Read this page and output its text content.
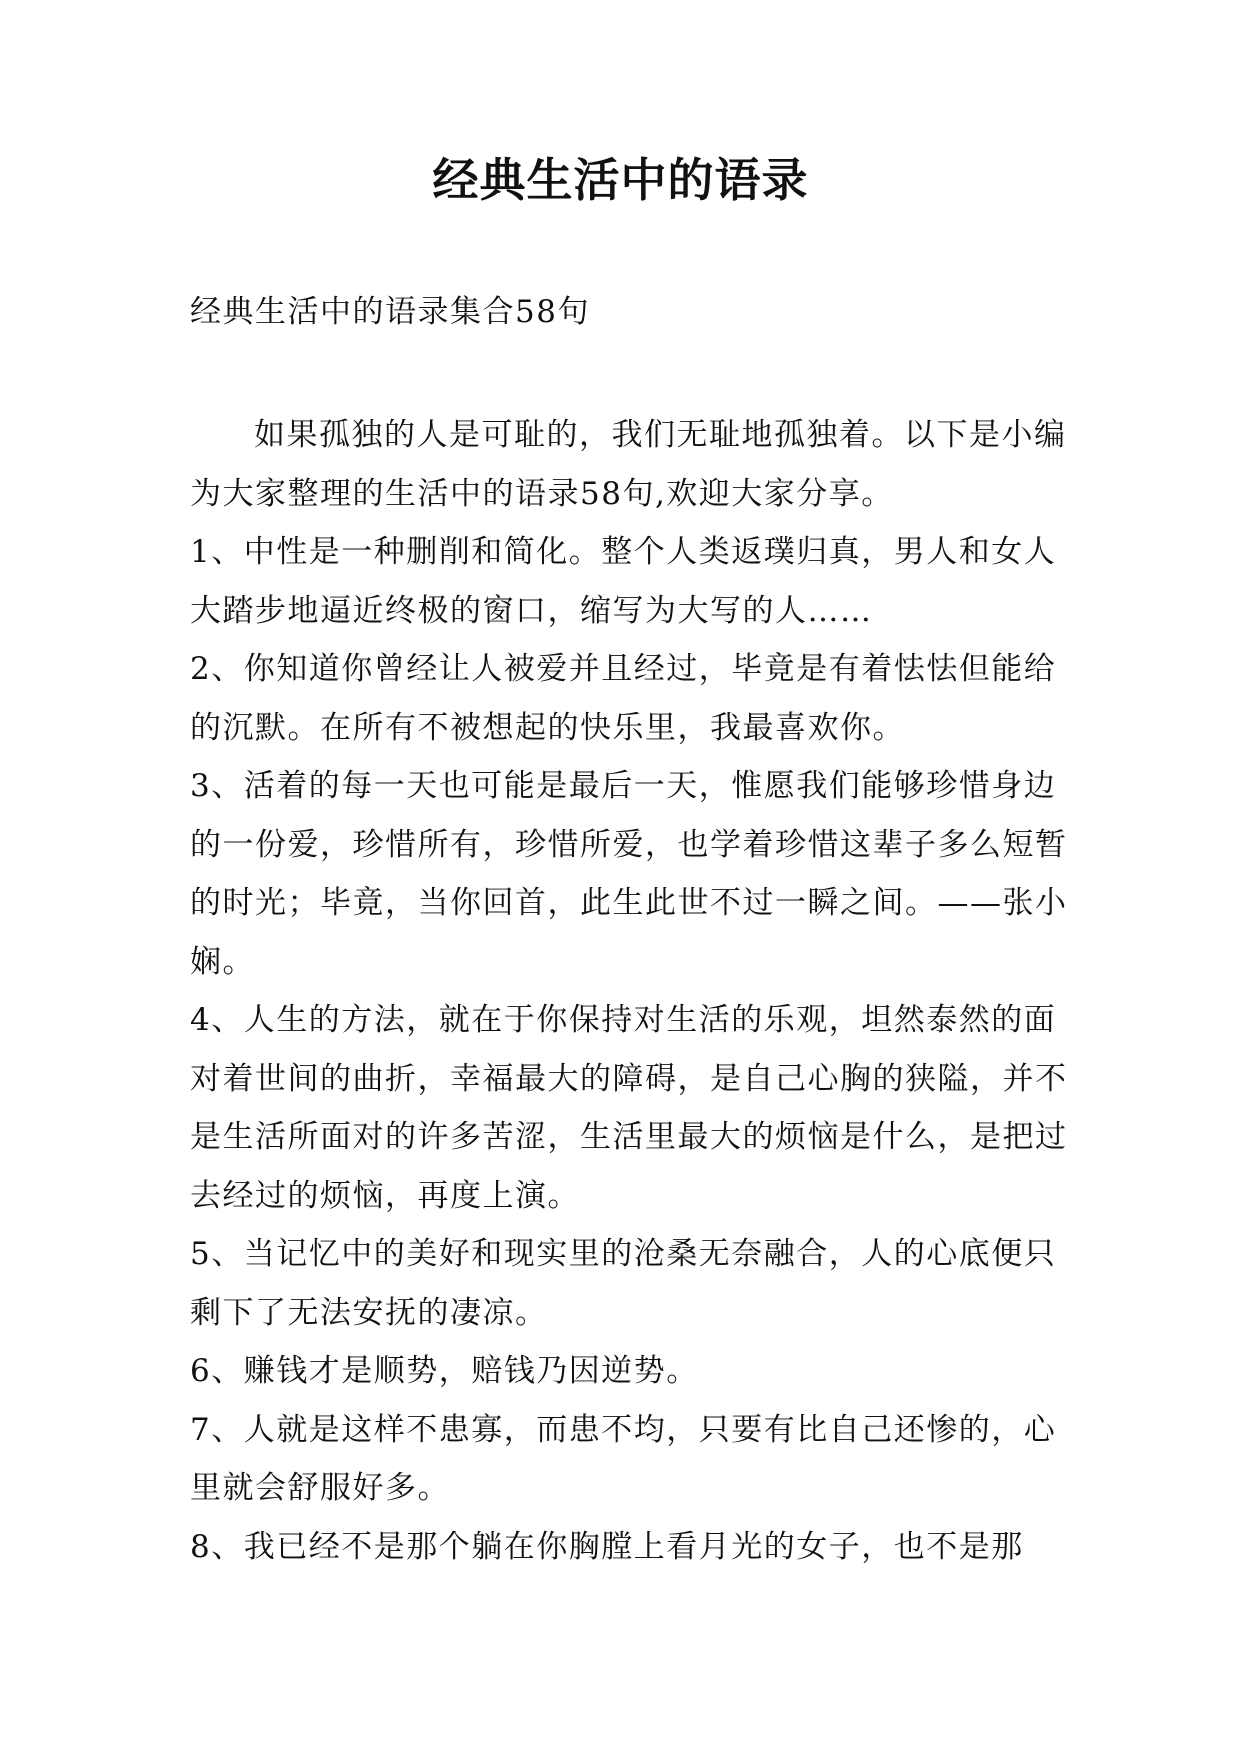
经典生活中的语录
经典生活中的语录集合58句

如果孤独的人是可耻的，我们无耻地孤独着。以下是小编为大家整理的生活中的语录58句,欢迎大家分享。

1、中性是一种删削和简化。整个人类返璞归真，男人和女人大踏步地逼近终极的窗口，缩写为大写的人……

2、你知道你曾经让人被爱并且经过，毕竟是有着怯怯但能给的沉默。在所有不被想起的快乐里，我最喜欢你。

3、活着的每一天也可能是最后一天，惟愿我们能够珍惜身边的一份爱，珍惜所有，珍惜所爱，也学着珍惜这辈子多么短暂的时光；毕竟，当你回首，此生此世不过一瞬之间。——张小娴。

4、人生的方法，就在于你保持对生活的乐观，坦然泰然的面对着世间的曲折，幸福最大的障碍，是自己心胸的狭隘，并不是生活所面对的许多苦涩，生活里最大的烦恼是什么，是把过去经过的烦恼，再度上演。

5、当记忆中的美好和现实里的沧桑无奈融合，人的心底便只剩下了无法安抚的凄凉。

6、赚钱才是顺势，赔钱乃因逆势。

7、人就是这样不患寡，而患不均，只要有比自己还惨的，心里就会舒服好多。

8、我已经不是那个躺在你胸膛上看月光的女子，也不是那
